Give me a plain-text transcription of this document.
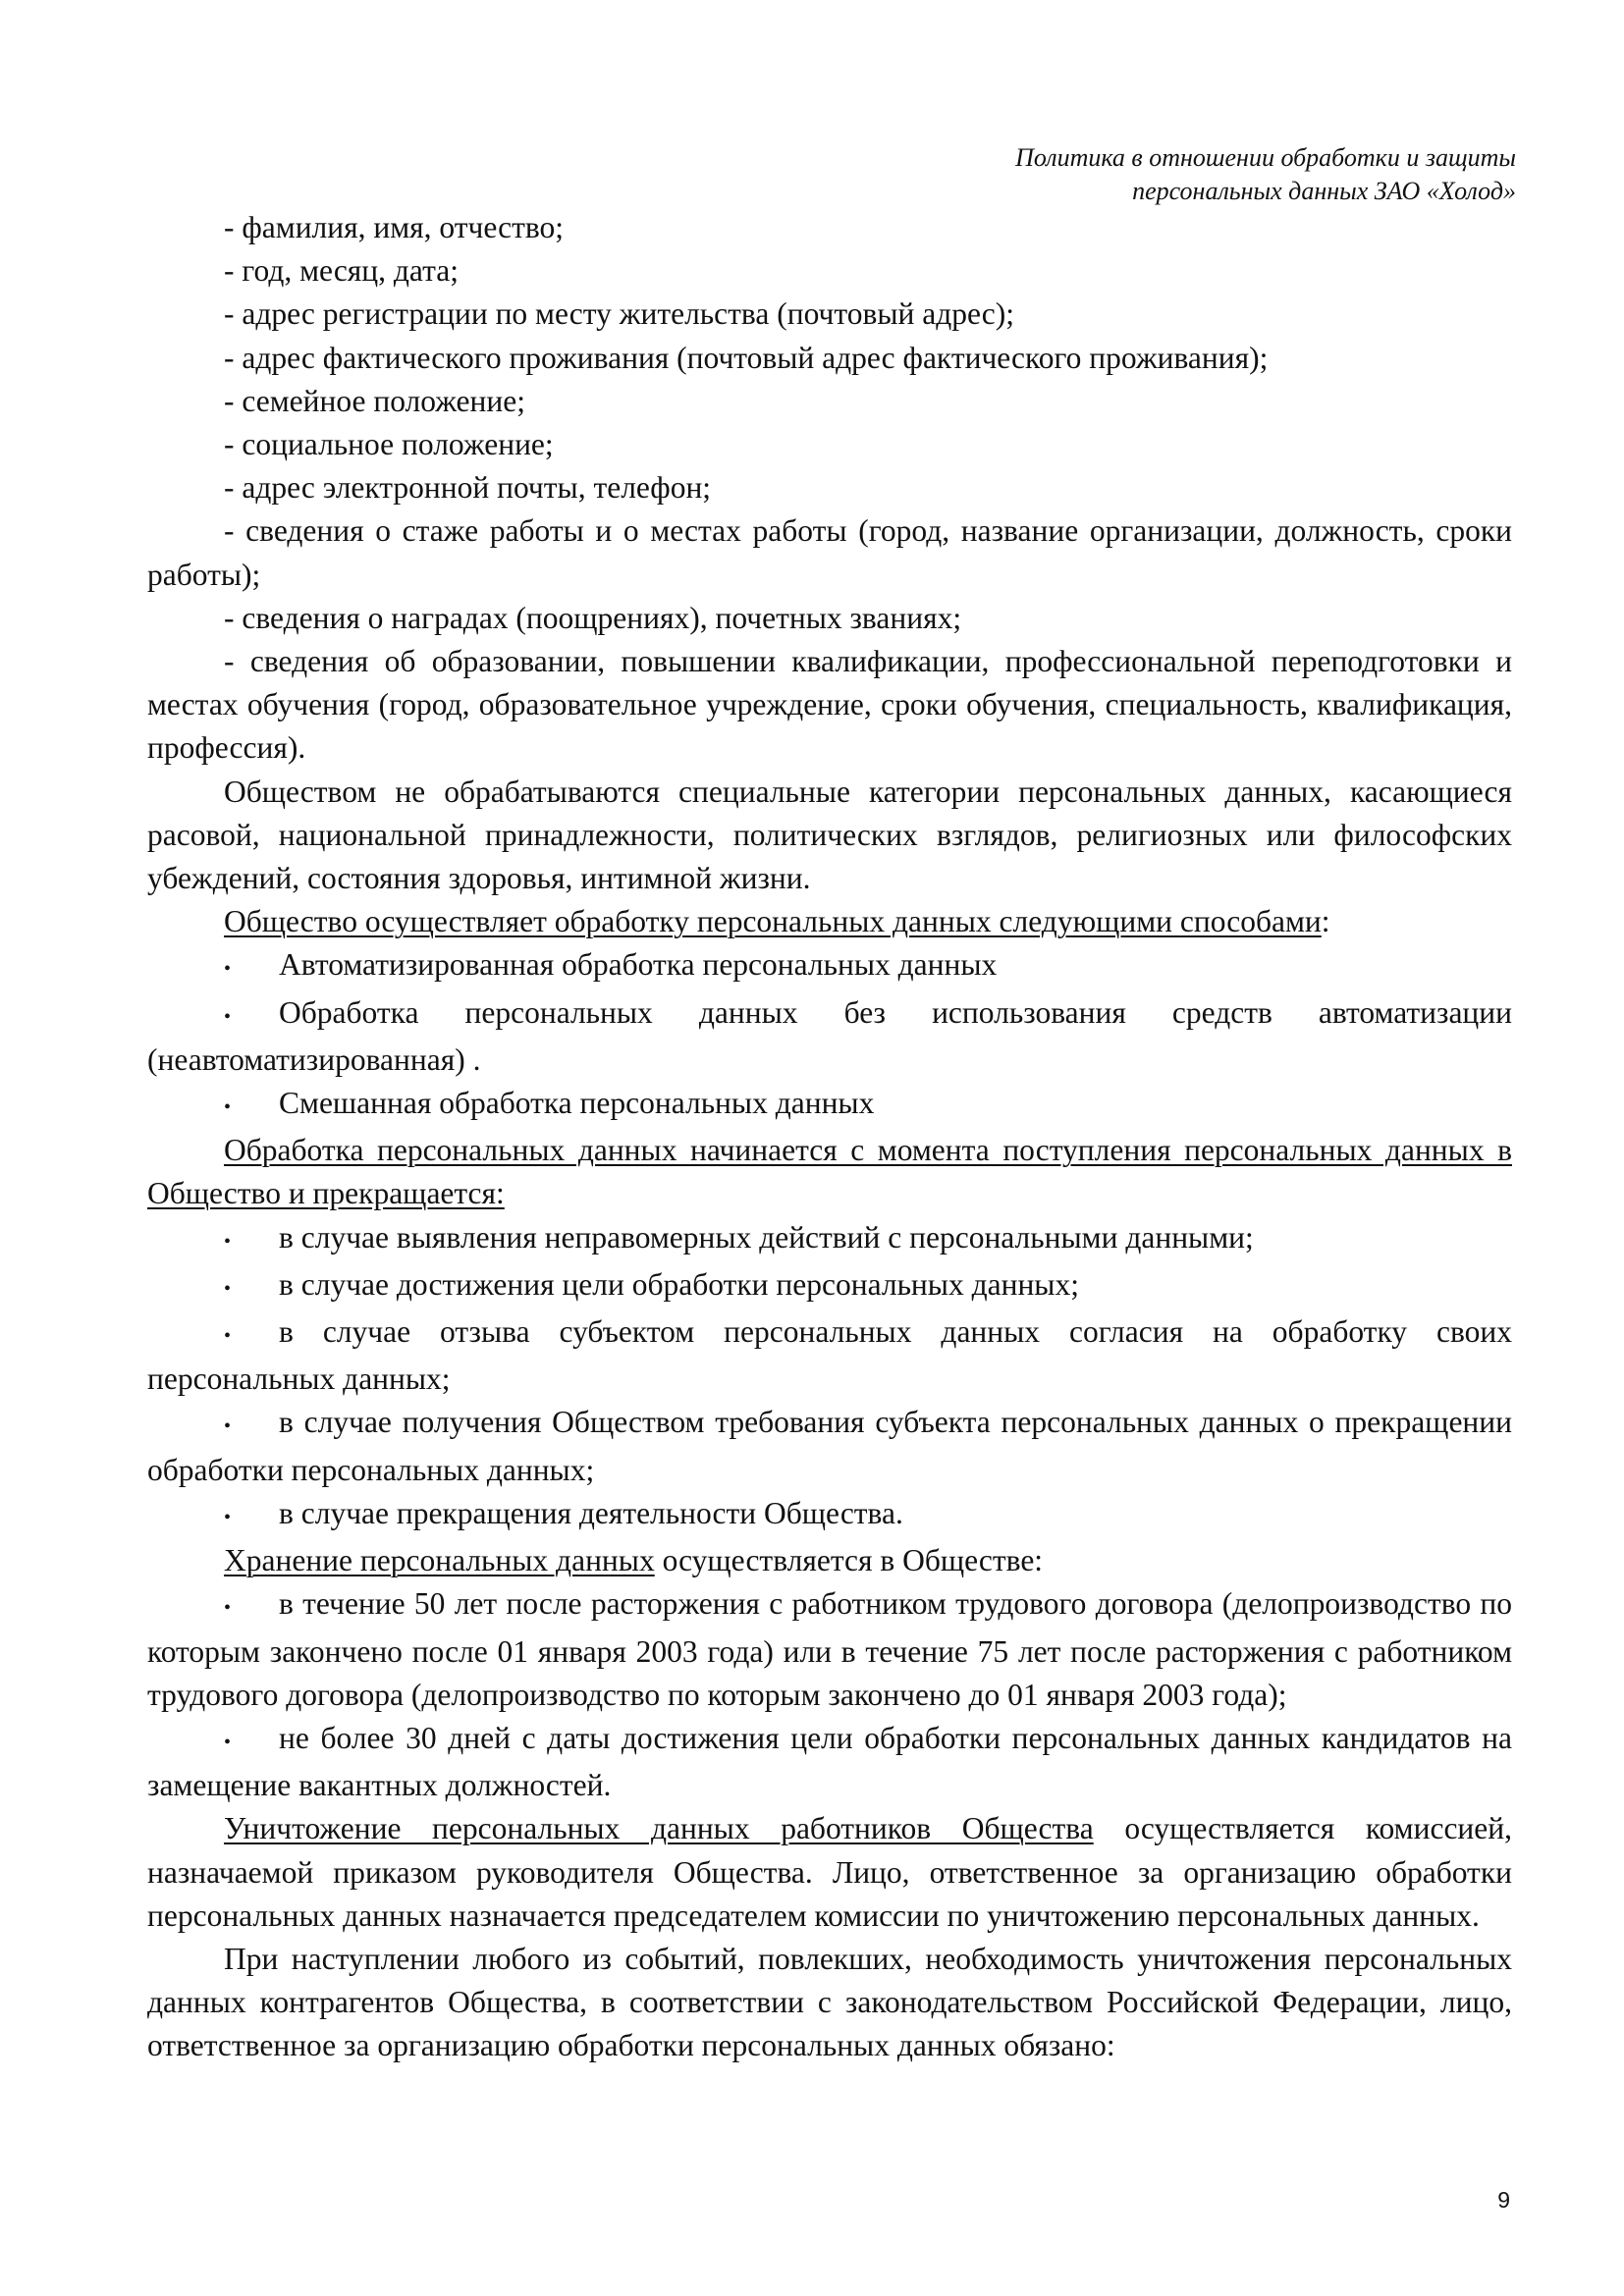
Политика в отношении обработки и защиты
персональных данных ЗАО «Холод»

- фамилия, имя, отчество;

- год, месяц, дата;

- адрес регистрации по месту жительства (почтовый адрес);

- адрес фактического проживания (почтовый адрес фактического проживания);

- семейное положение;

- социальное положение;

- адрес электронной почты, телефон;

- сведения о стаже работы и о местах работы (город, название организации, должность, сроки работы);

- сведения о наградах (поощрениях), почетных званиях;

- сведения об образовании, повышении квалификации, профессиональной переподготовки и местах обучения (город, образовательное учреждение, сроки обучения, специальность, квалификация, профессия).

Обществом не обрабатываются специальные категории персональных данных, касающиеся расовой, национальной принадлежности, политических взглядов, религиозных или философских убеждений, состояния здоровья, интимной жизни.

Общество осуществляет обработку персональных данных следующими способами:

• Автоматизированная обработка персональных данных

• Обработка персональных данных без использования средств автоматизации (неавтоматизированная) .

• Смешанная обработка персональных данных

Обработка персональных данных начинается с момента поступления персональных данных в Общество и прекращается:

• в случае выявления неправомерных действий с персональными данными;

• в случае достижения цели обработки персональных данных;

• в случае отзыва субъектом персональных данных согласия на обработку своих персональных данных;

• в случае получения Обществом требования субъекта персональных данных о прекращении обработки персональных данных;

• в случае прекращения деятельности Общества.

Хранение персональных данных осуществляется в Обществе:

• в течение 50 лет после расторжения с работником трудового договора (делопроизводство по которым закончено после 01 января 2003 года) или в течение 75 лет после расторжения с работником трудового договора (делопроизводство по которым закончено до 01 января 2003 года);

• не более 30 дней с даты достижения цели обработки персональных данных кандидатов на замещение вакантных должностей.

Уничтожение персональных данных работников Общества осуществляется комиссией, назначаемой приказом руководителя Общества. Лицо, ответственное за организацию обработки персональных данных назначается председателем комиссии по уничтожению персональных данных.

При наступлении любого из событий, повлекших, необходимость уничтожения персональных данных контрагентов Общества, в соответствии с законодательством Российской Федерации, лицо, ответственное за организацию обработки персональных данных обязано:

9
